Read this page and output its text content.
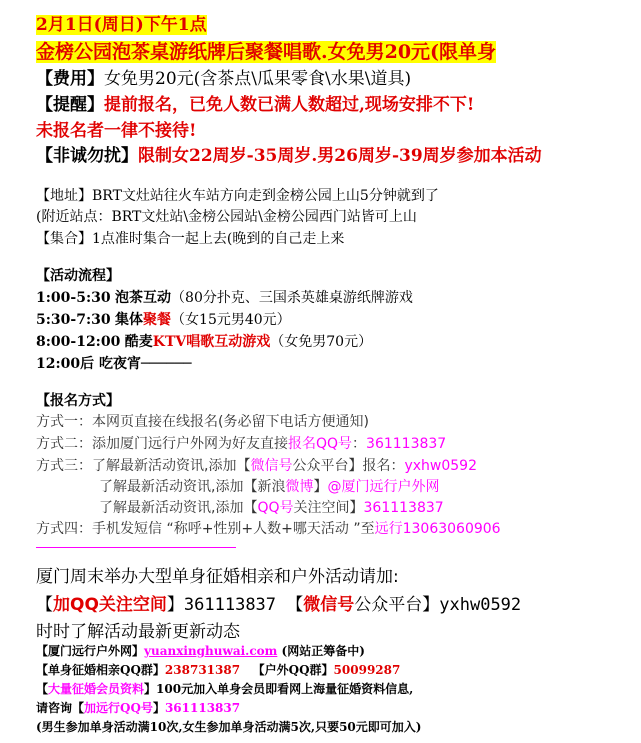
2月1日(周日)下午1点
金榜公园泡茶桌游纸牌后聚餐唱歌.女免男20元(限单身
【费用】女免男20元(含茶点\瓜果零食\水果\道具)
【提醒】提前报名，已免人数已满人数超过,现场安排不下!
未报名者一律不接待!
【非诚勿扰】限制女22周岁-35周岁.男26周岁-39周岁参加本活动
【地址】BRT文灶站往火车站方向走到金榜公园上山5分钟就到了
(附近站点：BRT文灶站\金榜公园站\金榜公园西门站皆可上山
【集合】1点准时集合一起上去(晚到的自己走上来
【活动流程】
1:00-5:30 泡茶互动（80分扑克、三国杀英雄桌游纸牌游戏
5:30-7:30 集体聚餐（女15元男40元）
8:00-12:00 酷麦KTV唱歌互动游戏（女免男70元）
12:00后 吃夜宵──────
【报名方式】
方式一：本网页直接在线报名(务必留下电话方便通知)
方式二：添加厦门远行户外网为好友直接报名QQ号：361113837
方式三：了解最新活动资讯,添加【微信号公众平台】报名：yxhw0592
了解最新活动资讯,添加【新浪微博】@厦门远行户外网
了解最新活动资讯,添加【QQ号关注空间】361113837
方式四：手机发短信 “称呼+性别+人数+哪天活动 ”至远行13063060906
厦门周末举办大型单身征婚相亲和户外活动请加:
【加QQ关注空间】361113837 【微信号公众平台】yxhw0592
时时了解活动最新更新动态
【厦门远行户外网】yuanxinghuwai.com (网站正筹备中)
【单身征婚相亲QQ群】238731387 【户外QQ群】50099287
【大量征婚会员资料】100元加入单身会员即看网上海量征婚资料信息,
请咨询【加远行QQ号】361113837
(男生参加单身活动满10次,女生参加单身活动满5次,只要50元即可加入)
